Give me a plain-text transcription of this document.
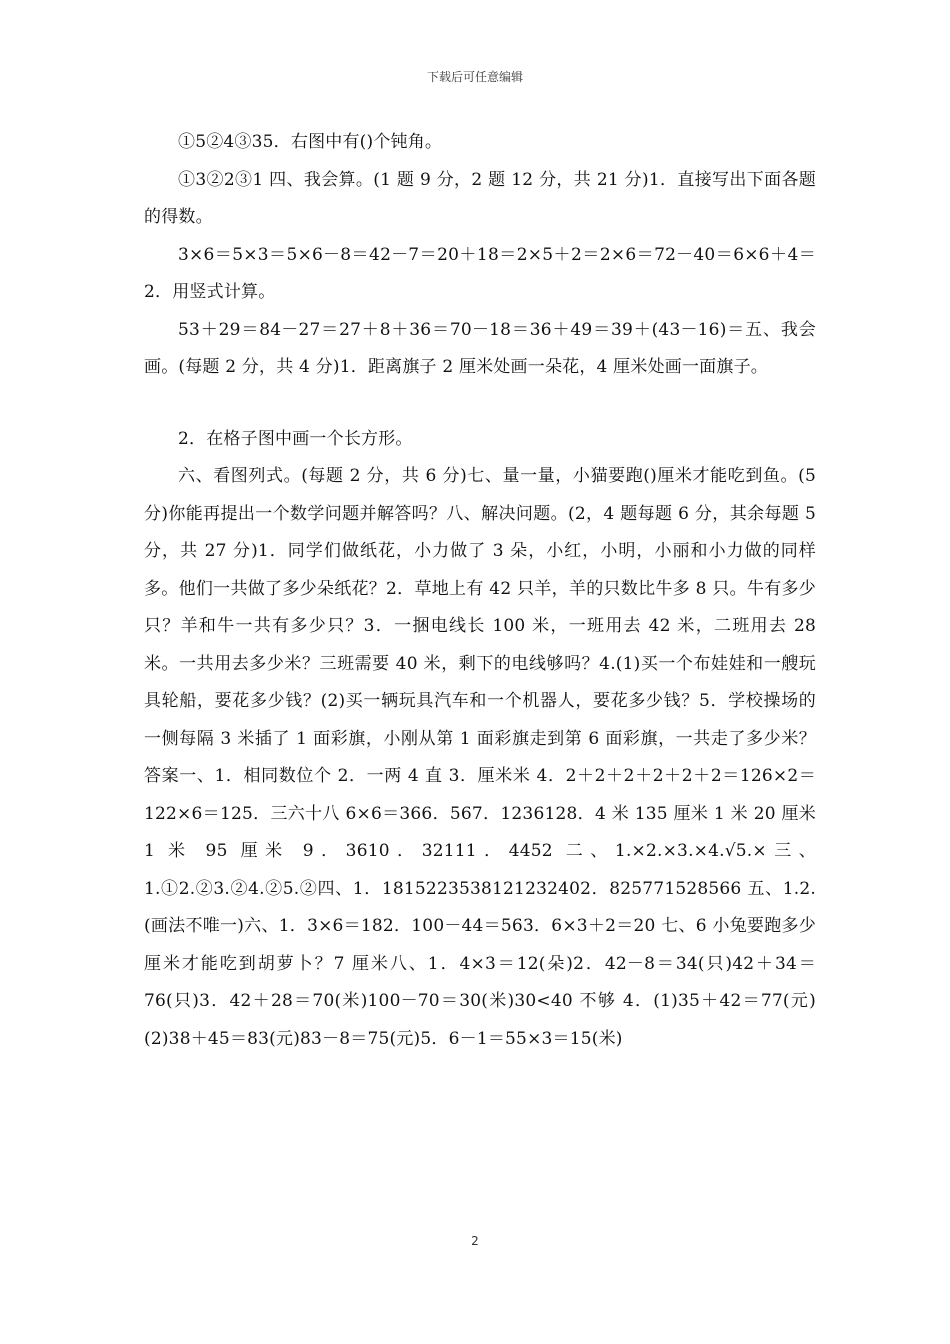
下载后可任意编辑

①5②4③35．右图中有()个钝角。

①3②2③1 四、我会算。(1 题 9 分，2 题 12 分，共 21 分)1．直接写出下面各题的得数。

3×6＝5×3＝5×6－8＝42－7＝20＋18＝2×5＋2＝2×6＝72－40＝6×6＋4＝2．用竖式计算。

53＋29＝84－27＝27＋8＋36＝70－18＝36＋49＝39＋(43－16)＝五、我会画。(每题 2 分，共 4 分)1．距离旗子 2 厘米处画一朵花，4 厘米处画一面旗子。

2．在格子图中画一个长方形。

六、看图列式。(每题 2 分，共 6 分)七、量一量，小猫要跑()厘米才能吃到鱼。(5 分)你能再提出一个数学问题并解答吗？八、解决问题。(2，4 题每题 6 分，其余每题 5 分，共 27 分)1．同学们做纸花，小力做了 3 朵，小红，小明，小丽和小力做的同样多。他们一共做了多少朵纸花？2．草地上有 42 只羊，羊的只数比牛多 8 只。牛有多少只？羊和牛一共有多少只？3．一捆电线长 100 米，一班用去 42 米，二班用去 28 米。一共用去多少米？三班需要 40 米，剩下的电线够吗？4.(1)买一个布娃娃和一艘玩具轮船，要花多少钱？(2)买一辆玩具汽车和一个机器人，要花多少钱？5．学校操场的一侧每隔 3 米插了 1 面彩旗，小刚从第 1 面彩旗走到第 6 面彩旗，一共走了多少米？答案一、1．相同数位个 2．一两 4 直 3．厘米米 4．2＋2＋2＋2＋2＋2＝126×2＝122×6＝125．三六十八 6×6＝366．567．1236128．4 米 135 厘米 1 米 20 厘米 1 米 95 厘米 9．3610．32111．4452 二、1.×2.×3.×4.√5.×三、1.①2.②3.②4.②5.②四、1．1815223538121232402．825771528566 五、1.2.(画法不唯一)六、1．3×6＝182．100－44＝563．6×3＋2＝20 七、6 小兔要跑多少厘米才能吃到胡萝卜？7 厘米八、1．4×3＝12(朵)2．42－8＝34(只)42＋34＝76(只)3．42＋28＝70(米)100－70＝30(米)30<40 不够 4．(1)35＋42＝77(元)(2)38＋45＝83(元)83－8＝75(元)5．6－1＝55×3＝15(米)

2
